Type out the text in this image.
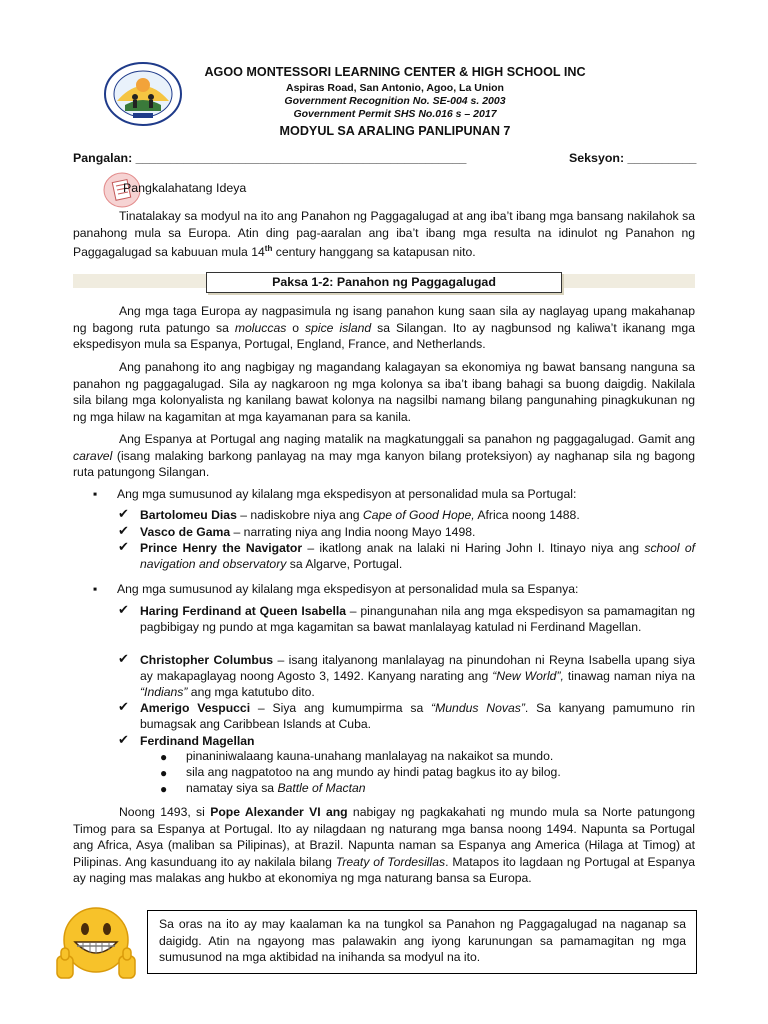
AGOO MONTESSORI LEARNING CENTER & HIGH SCHOOL INC
Aspiras Road, San Antonio, Agoo, La Union
Government Recognition No. SE-004 s. 2003
Government Permit SHS No.016 s – 2017
MODYUL SA ARALING PANLIPUNAN 7
Pangalan: ________________________________________________	Seksyon: __________
Pangkalahatang Ideya

Tinatalakay sa modyul na ito ang Panahon ng Paggagalugad at ang iba’t ibang mga bansang nakilahok sa panahong mula sa Europa. Atin ding pag-aaralan ang iba’t ibang mga resulta na idinulot ng Panahon ng Paggagalugad sa kabuuan mula 14th century hanggang sa katapusan nito.

Paksa 1-2: Panahon ng Paggagalugad

Ang mga taga Europa ay nagpasimula ng isang panahon kung saan sila ay naglayag upang makahanap ng bagong ruta patungo sa moluccas o spice island sa Silangan. Ito ay nagbunsod ng kaliwa’t ikanang mga ekspedisyon mula sa Espanya, Portugal, England, France, and Netherlands.

Ang panahong ito ang nagbigay ng magandang kalagayan sa ekonomiya ng bawat bansang nanguna sa panahon ng paggagalugad. Sila ay nagkaroon ng mga kolonya sa iba’t ibang bahagi sa buong daigdig. Nakilala sila bilang mga kolonyalista ng kanilang bawat kolonya na nagsilbi namang bilang pangunahing pinagkukunan ng ng mga hilaw na kagamitan at mga kayamanan para sa kanila.

Ang Espanya at Portugal ang naging matalik na magkatunggali sa panahon ng paggagalugad. Gamit ang caravel (isang malaking barkong panlayag na may mga kanyon bilang proteksiyon) ay naghanap sila ng bagong ruta patungong Silangan.

▪ Ang mga sumusunod ay kilalang mga ekspedisyon at personalidad mula sa Portugal:
✔ Bartolomeu Dias – nadiskobre niya ang Cape of Good Hope, Africa noong 1488.

✔ Vasco de Gama – narrating niya ang India noong Mayo 1498.

✔ Prince Henry the Navigator – ikatlong anak na lalaki ni Haring John I. Itinayo niya ang school of navigation and observatory sa Algarve, Portugal.

▪ Ang mga sumusunod ay kilalang mga ekspedisyon at personalidad mula sa Espanya:
✔ Haring Ferdinand at Queen Isabella – pinangunahan nila ang mga ekspedisyon sa pamamagitan ng pagbibigay ng pundo at mga kagamitan sa bawat manlalayag katulad ni Ferdinand Magellan.

✔ Christopher Columbus – isang italyanong manlalayag na pinundohan ni Reyna Isabella upang siya ay makapaglayag noong Agosto 3, 1492. Kanyang narating ang “New World”, tinawag naman niya na “Indians” ang mga katutubo dito.

✔ Amerigo Vespucci – Siya ang kumumpirma sa “Mundus Novas”. Sa kanyang pamumuno rin bumagsak ang Caribbean Islands at Cuba.

✔ Ferdinand Magellan

● pinaniniwalaang kauna-unahang manlalayag na nakaikot sa mundo.
● sila ang nagpatotoo na ang mundo ay hindi patag bagkus ito ay bilog.
● namatay siya sa Battle of Mactan

Noong 1493, si Pope Alexander VI ang nabigay ng pagkakahati ng mundo mula sa Norte patungong Timog para sa Espanya at Portugal. Ito ay nilagdaan ng naturang mga bansa noong 1494. Napunta sa Portugal ang Africa, Asya (maliban sa Pilipinas), at Brazil. Napunta naman sa Espanya ang America (Hilaga at Timog) at Pilipinas. Ang kasunduang ito ay nakilala bilang Treaty of Tordesillas. Matapos ito lagdaan ng Portugal at Espanya ay naging mas malakas ang hukbo at ekonomiya ng mga naturang bansa sa Europa.

Sa oras na ito ay may kaalaman ka na tungkol sa Panahon ng Paggagalugad na naganap sa daigidg. Atin na ngayong mas palawakin ang iyong karunungan sa pamamagitan ng mga sumusunod na mga aktibidad na inihanda sa modyul na ito.
